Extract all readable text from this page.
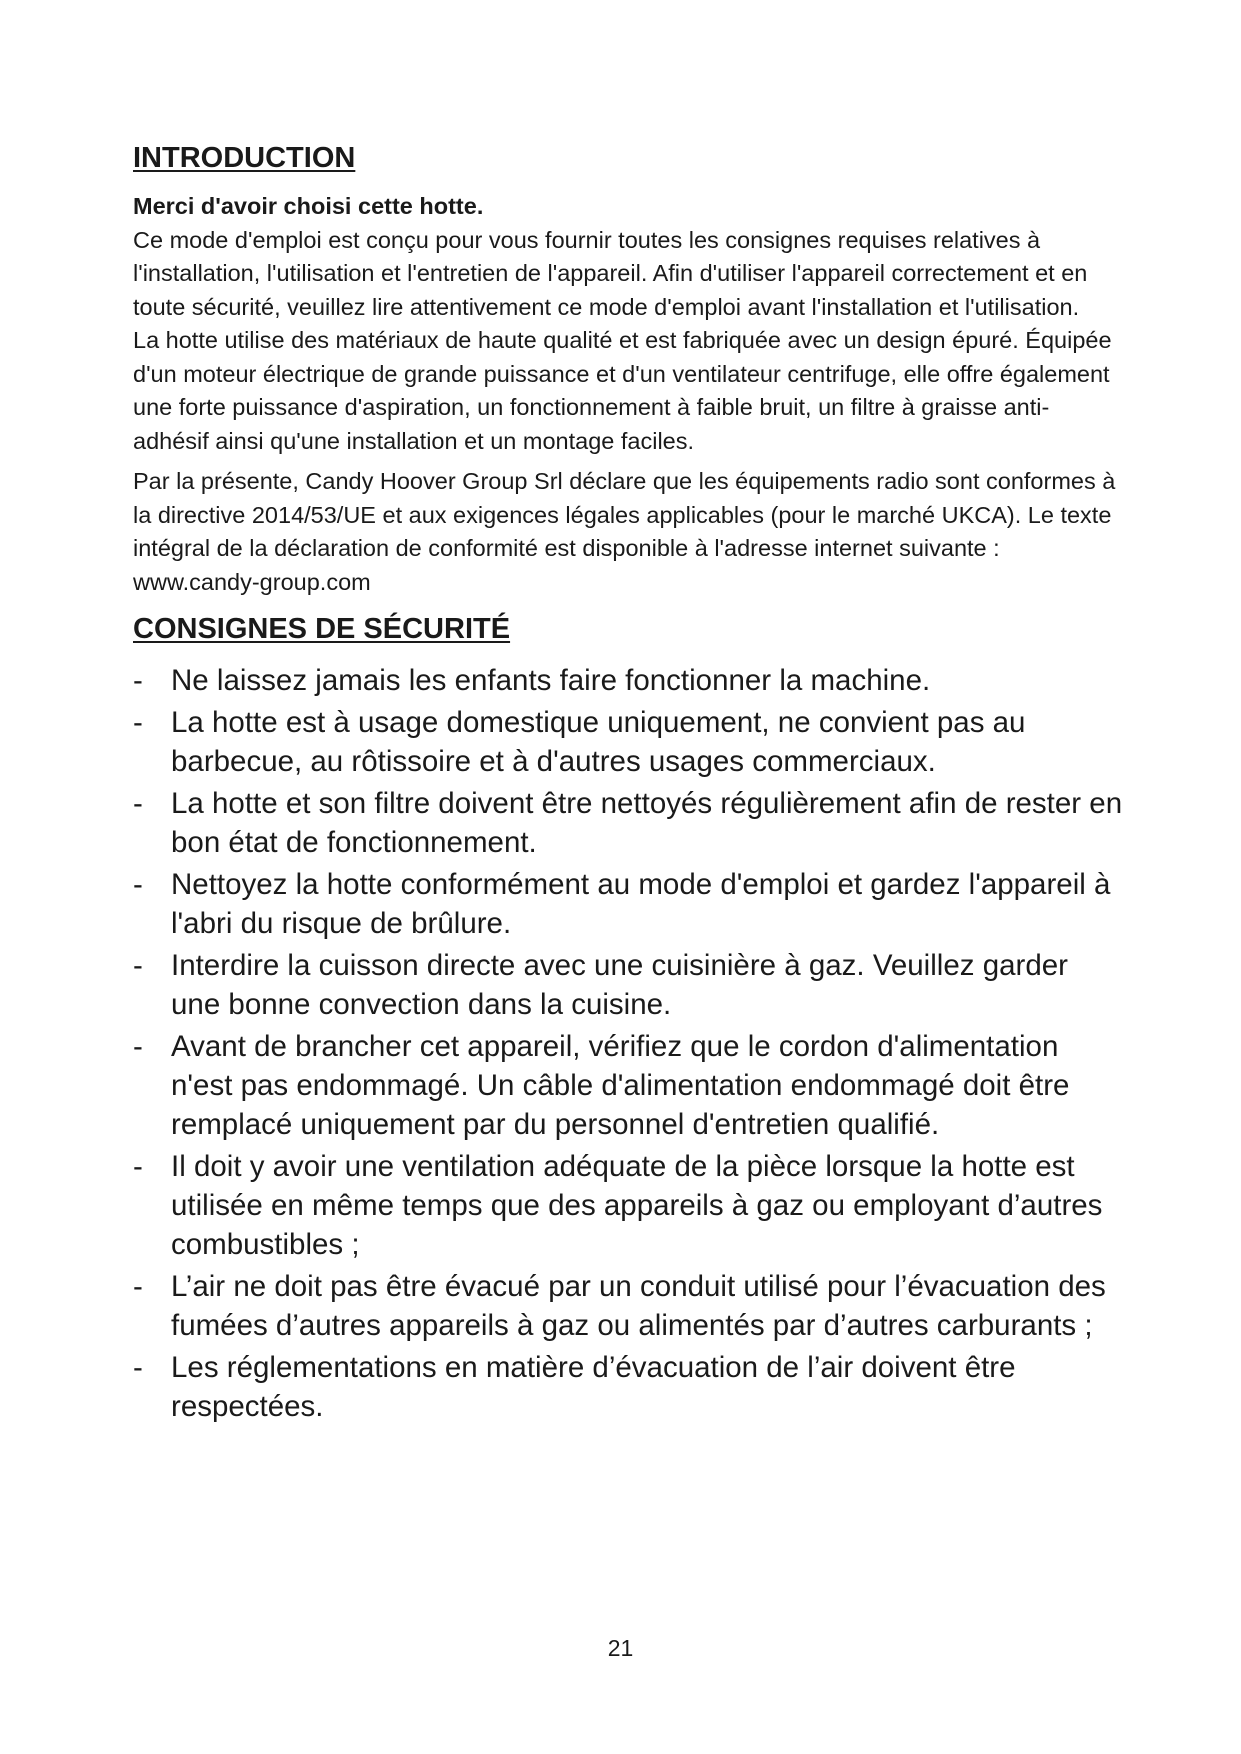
INTRODUCTION

Merci d'avoir choisi cette hotte.

Ce mode d'emploi est conçu pour vous fournir toutes les consignes requises relatives à l'installation, l'utilisation et l'entretien de l'appareil. Afin d'utiliser l'appareil correctement et en toute sécurité, veuillez lire attentivement ce mode d'emploi avant l'installation et l'utilisation.

La hotte utilise des matériaux de haute qualité et est fabriquée avec un design épuré. Équipée d'un moteur électrique de grande puissance et d'un ventilateur centrifuge, elle offre également une forte puissance d'aspiration, un fonctionnement à faible bruit, un filtre à graisse anti-adhésif ainsi qu'une installation et un montage faciles.

Par la présente, Candy Hoover Group Srl déclare que les équipements radio sont conformes à la directive 2014/53/UE et aux exigences légales applicables (pour le marché UKCA). Le texte intégral de la déclaration de conformité est disponible à l'adresse internet suivante : www.candy-group.com

CONSIGNES DE SÉCURITÉ
- Ne laissez jamais les enfants faire fonctionner la machine.
- La hotte est à usage domestique uniquement, ne convient pas au barbecue, au rôtissoire et à d'autres usages commerciaux.
- La hotte et son filtre doivent être nettoyés régulièrement afin de rester en bon état de fonctionnement.
- Nettoyez la hotte conformément au mode d'emploi et gardez l'appareil à l'abri du risque de brûlure.
- Interdire la cuisson directe avec une cuisinière à gaz. Veuillez garder une bonne convection dans la cuisine.
- Avant de brancher cet appareil, vérifiez que le cordon d'alimentation n'est pas endommagé. Un câble d'alimentation endommagé doit être remplacé uniquement par du personnel d'entretien qualifié.
- Il doit y avoir une ventilation adéquate de la pièce lorsque la hotte est utilisée en même temps que des appareils à gaz ou employant d’autres combustibles ;
- L’air ne doit pas être évacué par un conduit utilisé pour l’évacuation des fumées d’autres appareils à gaz ou alimentés par d’autres carburants ;
- Les réglementations en matière d’évacuation de l’air doivent être respectées.
21
